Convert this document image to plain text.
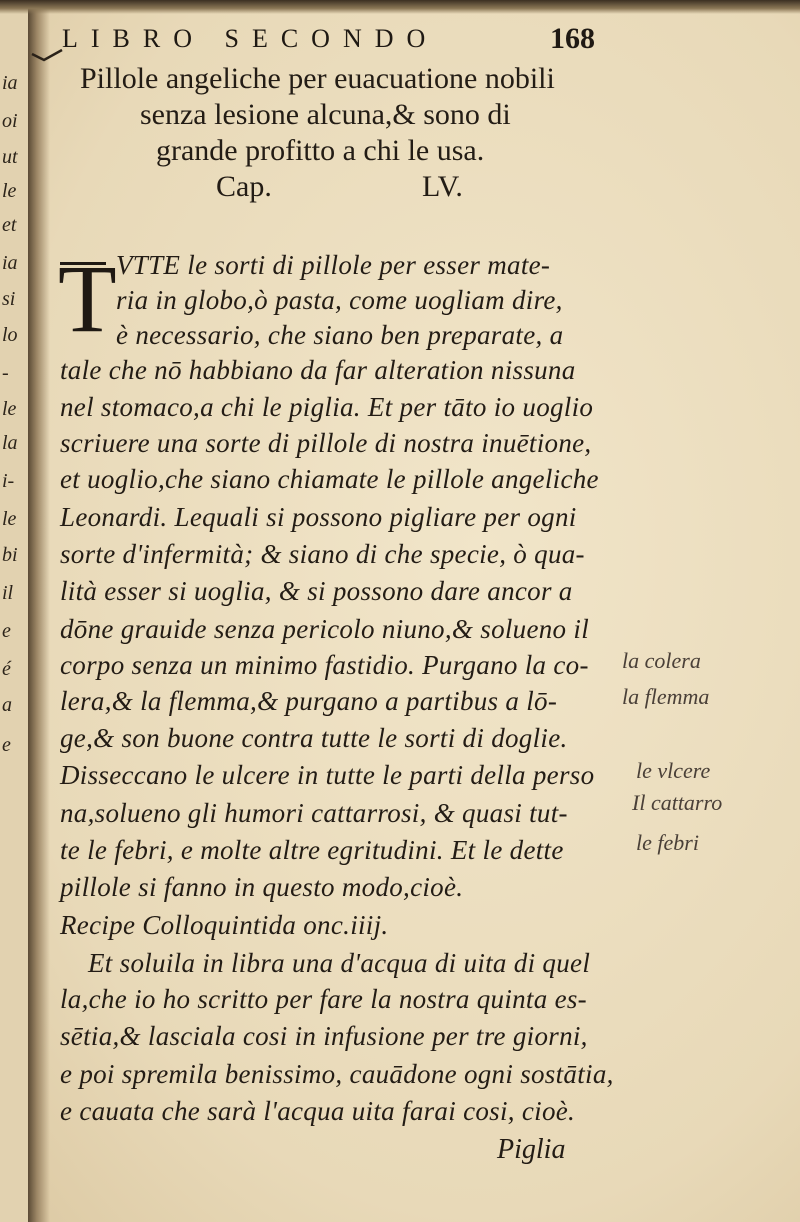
ia
oi
ut
le
et
ia
si
lo
-
le
la
i-
le
bi
il
e
é
a
e
LIBRO SECONDO	168
Pillole angeliche per euacuatione nobili
senza lesione alcuna,& sono di
grande profitto a chi le usa.
Cap.	LV.
T VTTE le sorti di pillole per esser mate-
ria in globo,ò pasta, come uogliam dire,
è necessario, che siano ben preparate, a
tale che nō habbiano da far alteration nissuna
nel stomaco,a chi le piglia. Et per tāto io uoglio
scriuere una sorte di pillole di nostra inuētione,
et uoglio,che siano chiamate le pillole angeliche
Leonardi. Lequali si possono pigliare per ogni
sorte d'infermità; & siano di che specie, ò qua-
lità esser si uoglia, & si possono dare ancor a
dōne grauide senza pericolo niuno,& solueno il
corpo senza un minimo fastidio. Purgano la co-
lera,& la flemma,& purgano a partibus a lō-
ge,& son buone contra tutte le sorti di doglie.
Disseccano le ulcere in tutte le parti della perso
na,solueno gli humori cattarrosi, & quasi tut-
te le febri, e molte altre egritudini. Et le dette
pillole si fanno in questo modo,cioè.
Recipe Colloquintida onc.iiij.
Et soluila in libra una d'acqua di uita di quel
la,che io ho scritto per fare la nostra quinta es-
sētia,& lasciala cosi in infusione per tre giorni,
e poi spremila benissimo, cauādone ogni sostātia,
e cauata che sarà l'acqua uita farai cosi, cioè.
Piglia
la colera
la flemma
le vlcere
Il cattarro
le febri
